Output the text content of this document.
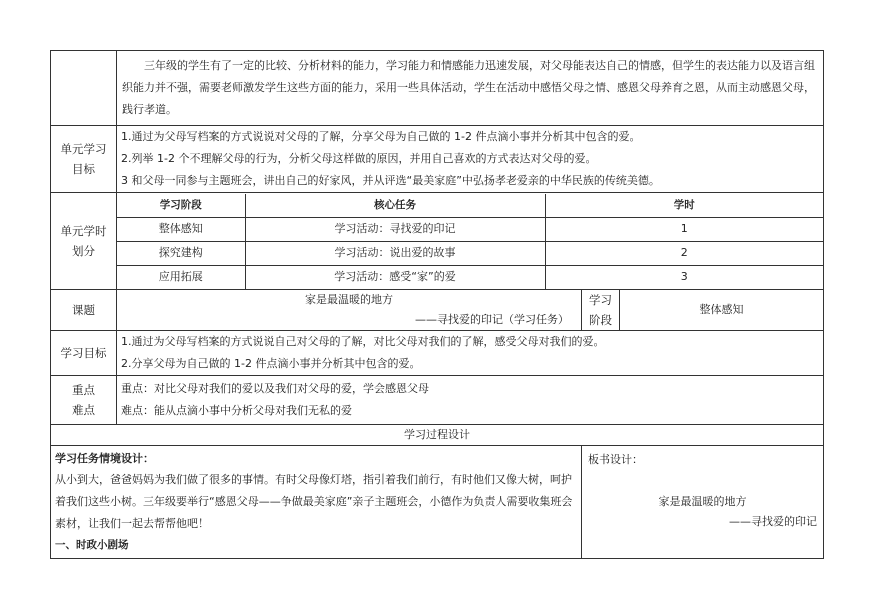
	三年级的学生有了一定的比较、分析材料的能力，学习能力和情感能力迅速发展，对父母能表达自己的情感，但学生的表达能力以及语言组织能力并不强，需要老师激发学生这些方面的能力，采用一些具体活动，学生在活动中感悟父母之情、感恩父母养育之恩，从而主动感恩父母，践行孝道。
单元学习目标	
1.通过为父母写档案的方式说说对父母的了解，分享父母为自己做的 1-2 件点滴小事并分析其中包含的爱。
2.列举 1-2 个不理解父母的行为，分析父母这样做的原因，并用自己喜欢的方式表达对父母的爱。
3 和父母一同参与主题班会，讲出自己的好家风，并从评选“最美家庭”中弘扬孝老爱亲的中华民族的传统美德。

单元学时划分	
学习阶段	核心任务	学时
整体感知	学习活动：寻找爱的印记	1
探究建构	学习活动：说出爱的故事	2
应用拓展	学习活动：感受“家”的爱	3

课题	
家是最温暖的地方
——寻找爱的印记（学习任务）
	学习阶段	整体感知
学习目标	
1.通过为父母写档案的方式说说自己对父母的了解，对比父母对我们的了解，感受父母对我们的爱。
2.分享父母为自己做的 1-2 件点滴小事并分析其中包含的爱。

重点
难点

重点：对比父母对我们的爱以及我们对父母的爱，学会感恩父母
难点：能从点滴小事中分析父母对我们无私的爱

学习过程设计

学习任务情境设计：
从小到大，爸爸妈妈为我们做了很多的事情。有时父母像灯塔，指引着我们前行，有时他们又像大树，呵护着我们这些小树。三年级要举行“感恩父母——争做最美家庭”亲子主题班会，小德作为负责人需要收集班会素材，让我们一起去帮帮他吧！
一、时政小剧场

板书设计：
家是最温暖的地方
——寻找爱的印记
